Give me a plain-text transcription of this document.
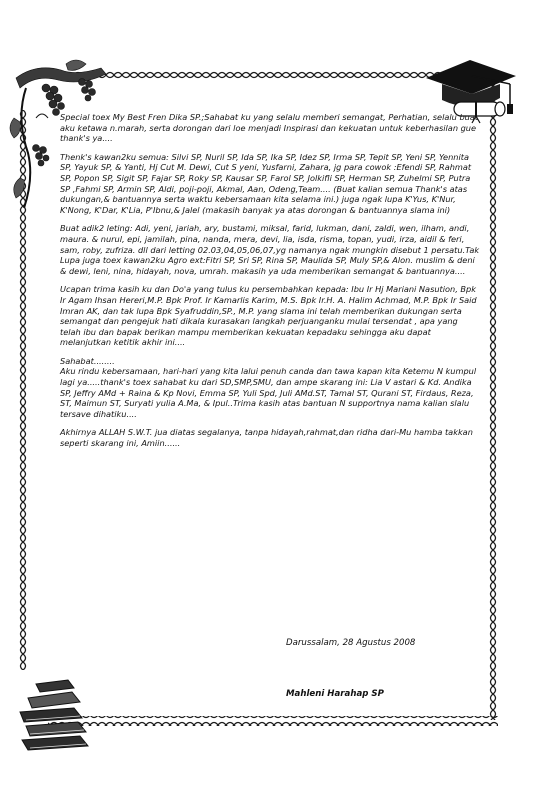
Special toex My Best Fren Dika SP.;Sahabat ku yang selalu memberi semangat, Perhatian, selalu buat aku ketawa n.marah, serta dorongan dari loe menjadi Inspirasi dan kekuatan untuk keberhasilan gue thank's ya....

Thenk's kawan2ku semua: Silvi SP, Nuril SP, Ida SP, Ika SP, Idez SP, Irma SP, Tepit SP, Yeni SP, Yennita SP, Yayuk SP, & Yanti, Hj Cut M. Dewi, Cut S yeni, Yusfarni, Zahara, jg para cowok :Efendi SP, Rahmat SP, Popon SP, Sigit SP, Fajar SP, Roky SP, Kausar SP, Farol SP, Jolkifli SP, Herman SP, Zuhelmi SP, Putra SP ,Fahmi SP, Armin SP, Aldi, poji-poji, Akmal, Aan, Odeng,Team.... (Buat kalian semua Thank's atas dukungan,& bantuannya serta waktu kebersamaan kita selama ini.) juga ngak lupa K'Yus, K'Nur, K'Nong, K'Dar, K'Lia, P'Ibnu,& Jalel (makasih banyak ya atas dorongan & bantuannya slama ini)

Buat adik2 leting: Adi, yeni, jariah, ary, bustami, miksal, farid, lukman, dani, zaldi, wen, ilham, andi, maura. & nurul, epi, jamilah, pina, nanda, mera, devi, lia, isda, risma, topan, yudi, irza, aidil & feri, sam, roby, zufriza. dll dari letting 02.03,04,05,06,07,yg namanya ngak mungkin disebut 1 persatu.Tak Lupa juga toex kawan2ku Agro ext:Fitri SP, Sri SP, Rina SP, Maulida SP, Muly SP,& Alon. muslim & deni & dewi, leni, nina, hidayah, nova, umrah. makasih ya uda memberikan semangat & bantuannya....

Ucapan trima kasih ku dan Do'a yang tulus ku persembahkan kepada: Ibu Ir Hj Mariani Nasution, Bpk Ir Agam Ihsan Hereri,M.P. Bpk Prof. Ir Kamarlis Karim, M.S. Bpk Ir.H. A. Halim Achmad, M.P. Bpk Ir Said Imran AK, dan tak lupa Bpk Syafruddin,SP., M.P. yang slama ini telah memberikan dukungan serta semangat dan pengejuk hati dikala kurasakan langkah perjuanganku mulai tersendat , apa yang telah ibu dan bapak berikan mampu memberikan kekuatan kepadaku sehingga aku dapat melanjutkan ketitik akhir ini....

Sahabat........
Aku rindu kebersamaan, hari-hari yang kita lalui penuh canda dan tawa kapan kita Ketemu N kumpul lagi ya.....thank's toex sahabat ku dari SD,SMP,SMU, dan ampe skarang ini: Lia V astari & Kd. Andika SP, Jeffry AMd + Raina & Kp Novi, Emma SP, Yuli Spd, Juli AMd.ST, Tamal ST, Qurani ST, Firdaus, Reza, ST, Maimun ST, Suryati yulia A.Ma, & Ipul..Trima kasih atas bantuan N supportnya nama kalian slalu tersave dihatiku....

Akhirnya ALLAH S.W.T. jua diatas segalanya, tanpa hidayah,rahmat,dan ridha dari-Mu hamba takkan seperti skarang ini, Amiin......

Darussalam, 28 Agustus 2008
Mahleni Harahap SP
